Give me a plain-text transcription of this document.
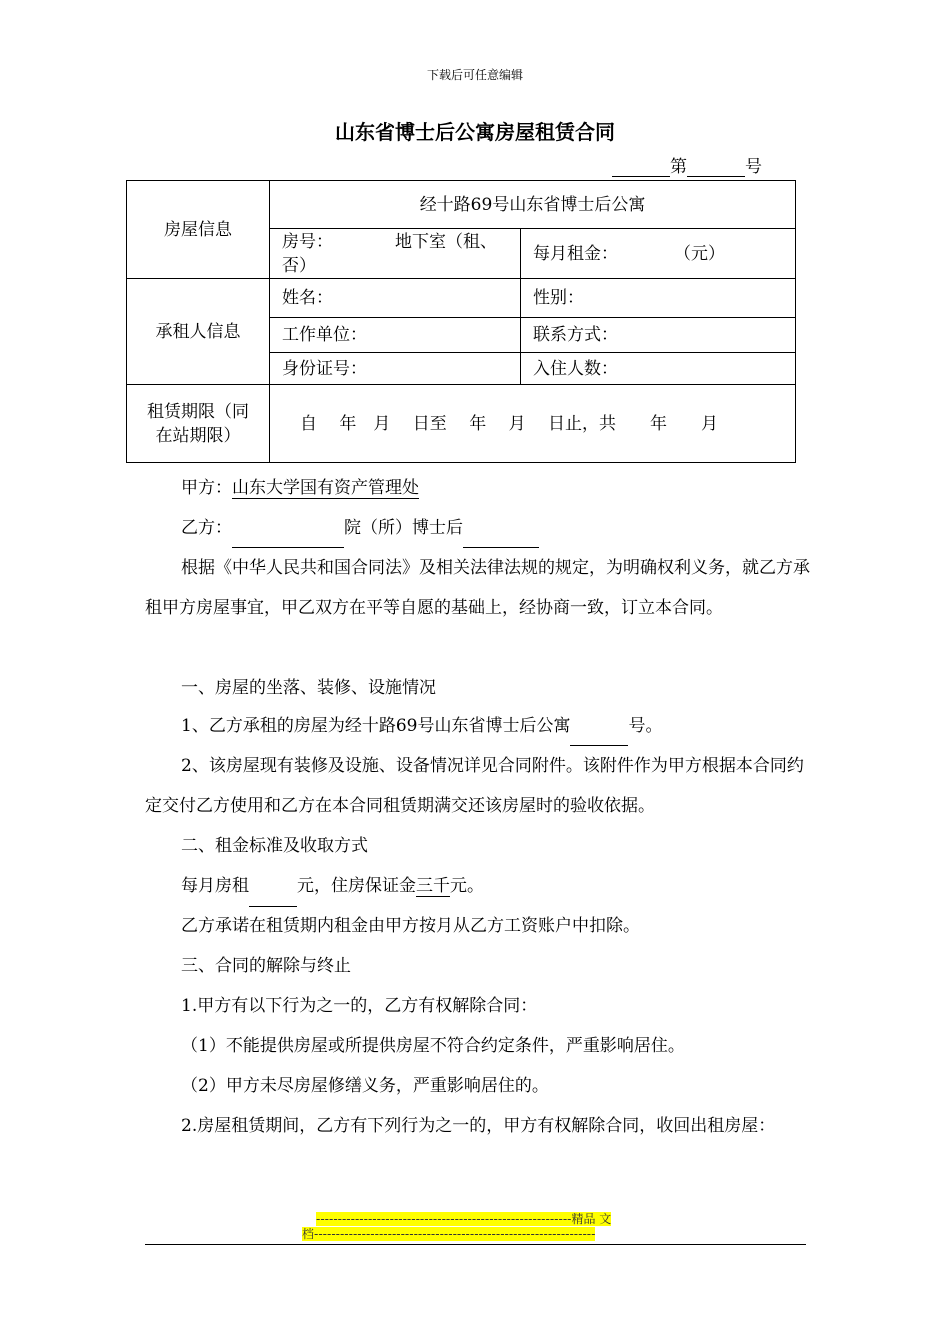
下载后可任意编辑
山东省博士后公寓房屋租赁合同
第	号
房屋信息	经十路69号山东省博士后公寓	
	房号： 地下室（租、否）	每月租金： （元）
承租人信息	姓名：	性别：
	工作单位：	联系方式：
	身份证号：	入住人数：
租赁期限（同在站期限）	自　 年　月　 日至　 年　 月　 日止，共　　年　　月	
甲方：山东大学国有资产管理处
乙方：	院（所）博士后
根据《中华人民共和国合同法》及相关法律法规的规定，为明确权利义务，就乙方承租甲方房屋事宜，甲乙双方在平等自愿的基础上，经协商一致，订立本合同。
一、房屋的坐落、装修、设施情况
1、乙方承租的房屋为经十路69号山东省博士后公寓	号。
2、该房屋现有装修及设施、设备情况详见合同附件。该附件作为甲方根据本合同约定交付乙方使用和乙方在本合同租赁期满交还该房屋时的验收依据。
二、租金标准及收取方式
每月房租	元，住房保证金三千元。
乙方承诺在租赁期内租金由甲方按月从乙方工资账户中扣除。
三、合同的解除与终止
1.甲方有以下行为之一的，乙方有权解除合同：
（1）不能提供房屋或所提供房屋不符合约定条件，严重影响居住。
（2）甲方未尽房屋修缮义务，严重影响居住的。
2.房屋租赁期间，乙方有下列行为之一的，甲方有权解除合同，收回出租房屋：
-----------------------------------------------------------精品 文
档-----------------------------------------------------------------
